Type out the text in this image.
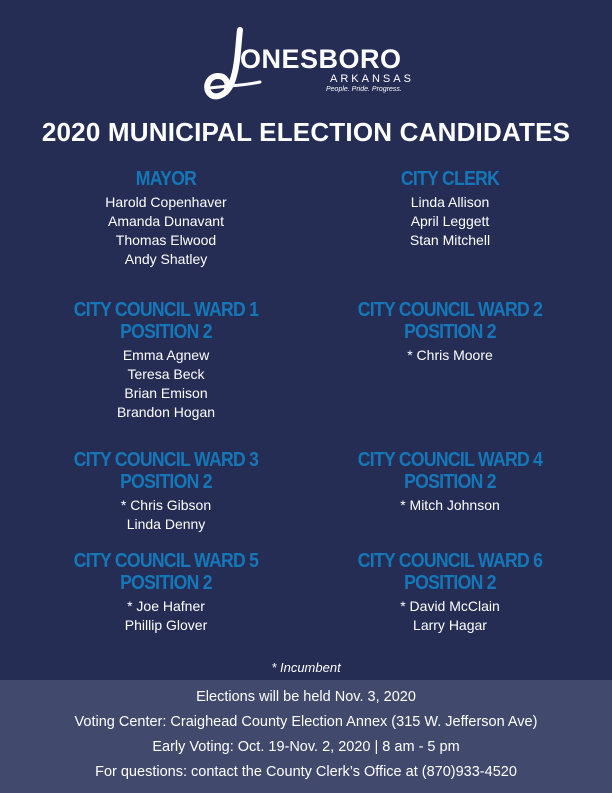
ONESBORO
ARKANSAS
People. Pride. Progress.
2020 MUNICIPAL ELECTION CANDIDATES
MAYOR
Harold Copenhaver
Amanda Dunavant
Thomas Elwood
Andy Shatley
CITY CLERK
Linda Allison
April Leggett
Stan Mitchell
CITY COUNCIL WARD 1
POSITION 2
Emma Agnew
Teresa Beck
Brian Emison
Brandon Hogan
CITY COUNCIL WARD 2
POSITION 2
* Chris Moore
CITY COUNCIL WARD 3
POSITION 2
* Chris Gibson
Linda Denny
CITY COUNCIL WARD 4
POSITION 2
* Mitch Johnson
CITY COUNCIL WARD 5
POSITION 2
* Joe Hafner
Phillip Glover
CITY COUNCIL WARD 6
POSITION 2
* David McClain
Larry Hagar
* Incumbent
Elections will be held Nov. 3, 2020
Voting Center: Craighead County Election Annex (315 W. Jefferson Ave)
Early Voting: Oct. 19-Nov. 2, 2020 | 8 am - 5 pm
For questions: contact the County Clerk’s Office at (870)933-4520
